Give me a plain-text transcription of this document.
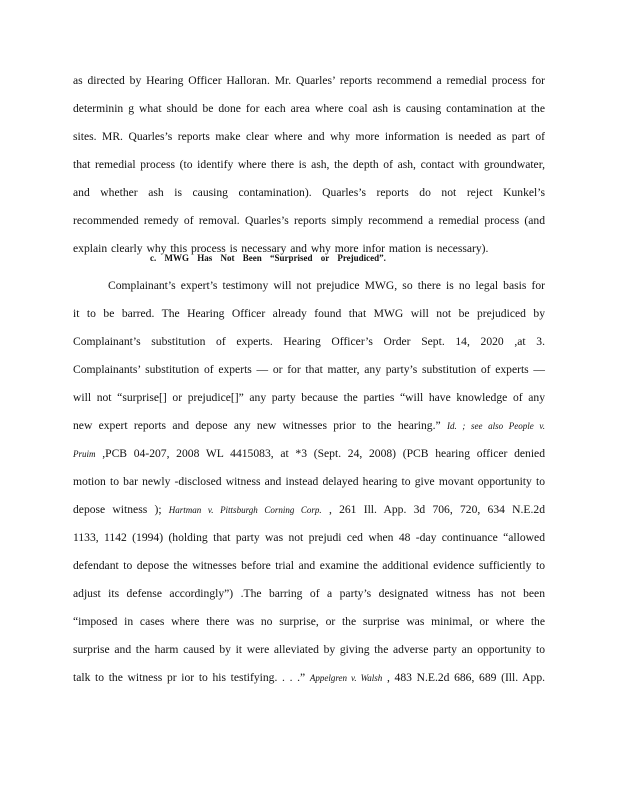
as directed by Hearing Officer Halloran. Mr. Quarles’ reports recommend a remedial process for
determinin g what should be done for each area where coal ash is causing contamination at the
sites. MR. Quarles’s reports make clear where and why more information is needed as part of
that remedial process (to identify where there is ash, the depth of ash, contact with groundwater,
and whether ash is causing contamination). Quarles’s reports do not reject Kunkel’s
recommended remedy of removal. Quarles’s reports simply recommend a remedial process (and
explain clearly why this process is necessary and why more infor mation is necessary).
c. MWG Has Not Been “Surprised or Prejudiced”.
Complainant’s expert’s testimony will not prejudice MWG, so there is no legal basis for
it to be barred. The Hearing Officer already found that MWG will not be prejudiced by
Complainant’s substitution of experts. Hearing Officer’s Order Sept. 14, 2020 ,at 3.
Complainants’ substitution of experts — or for that matter, any party’s substitution of experts —
will not “surprise[] or prejudice[]” any party because the parties “will have knowledge of any
new expert reports and depose any new witnesses prior to the hearing.” Id. ; see also People v.
Pruim ,PCB 04-207, 2008 WL 4415083, at *3 (Sept. 24, 2008) (PCB hearing officer denied
motion to bar newly -disclosed witness and instead delayed hearing to give movant opportunity to
depose witness ); Hartman v. Pittsburgh Corning Corp. , 261 Ill. App. 3d 706, 720, 634 N.E.2d
1133, 1142 (1994) (holding that party was not prejudi ced when 48 -day continuance “allowed
defendant to depose the witnesses before trial and examine the additional evidence sufficiently to
adjust its defense accordingly”) .The barring of a party’s designated witness has not been
“imposed in cases where there was no surprise, or the surprise was minimal, or where the
surprise and the harm caused by it were alleviated by giving the adverse party an opportunity to
talk to the witness pr ior to his testifying. . . .” Appelgren v. Walsh , 483 N.E.2d 686, 689 (Ill. App.
